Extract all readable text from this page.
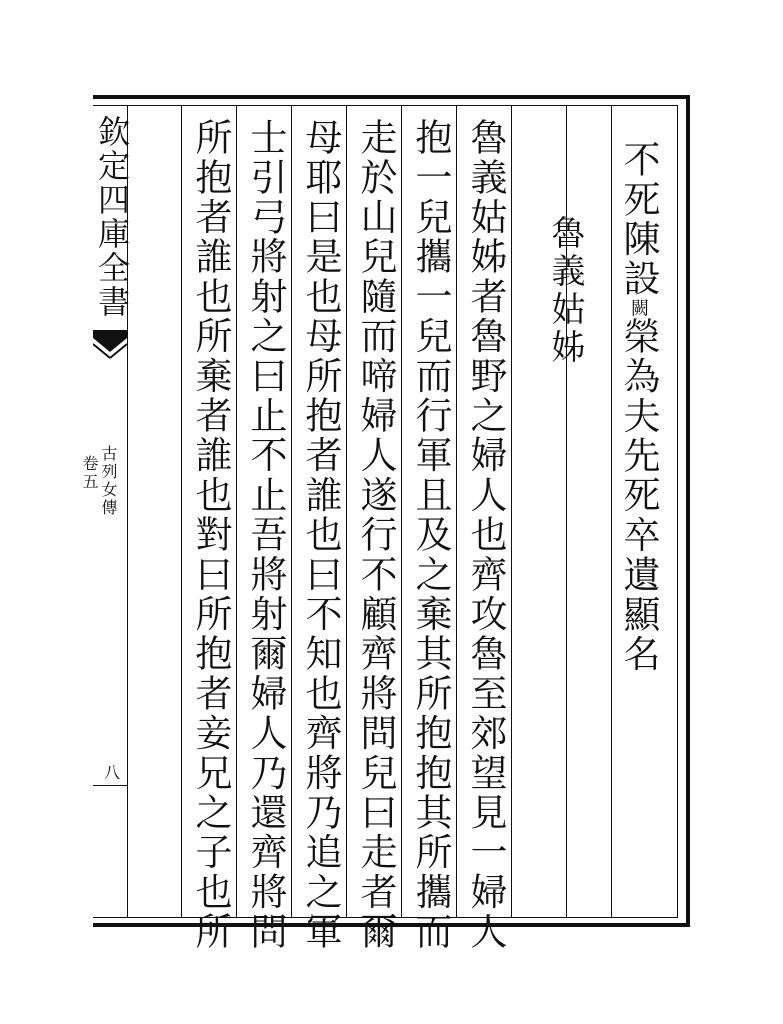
欽定四庫全書
古列女傳
卷五
八
不死陳設闕榮為夫先死卒遺顯名
魯義姑姊
魯義姑姊者魯野之婦人也齊攻魯至郊望見一婦人
抱一兒攜一兒而行軍且及之棄其所抱抱其所攜而
走於山兒隨而啼婦人遂行不顧齊將問兒曰走者爾
母耶曰是也母所抱者誰也曰不知也齊將乃追之軍
士引弓將射之曰止不止吾將射爾婦人乃還齊將問
所抱者誰也所棄者誰也對曰所抱者妾兄之子也所
